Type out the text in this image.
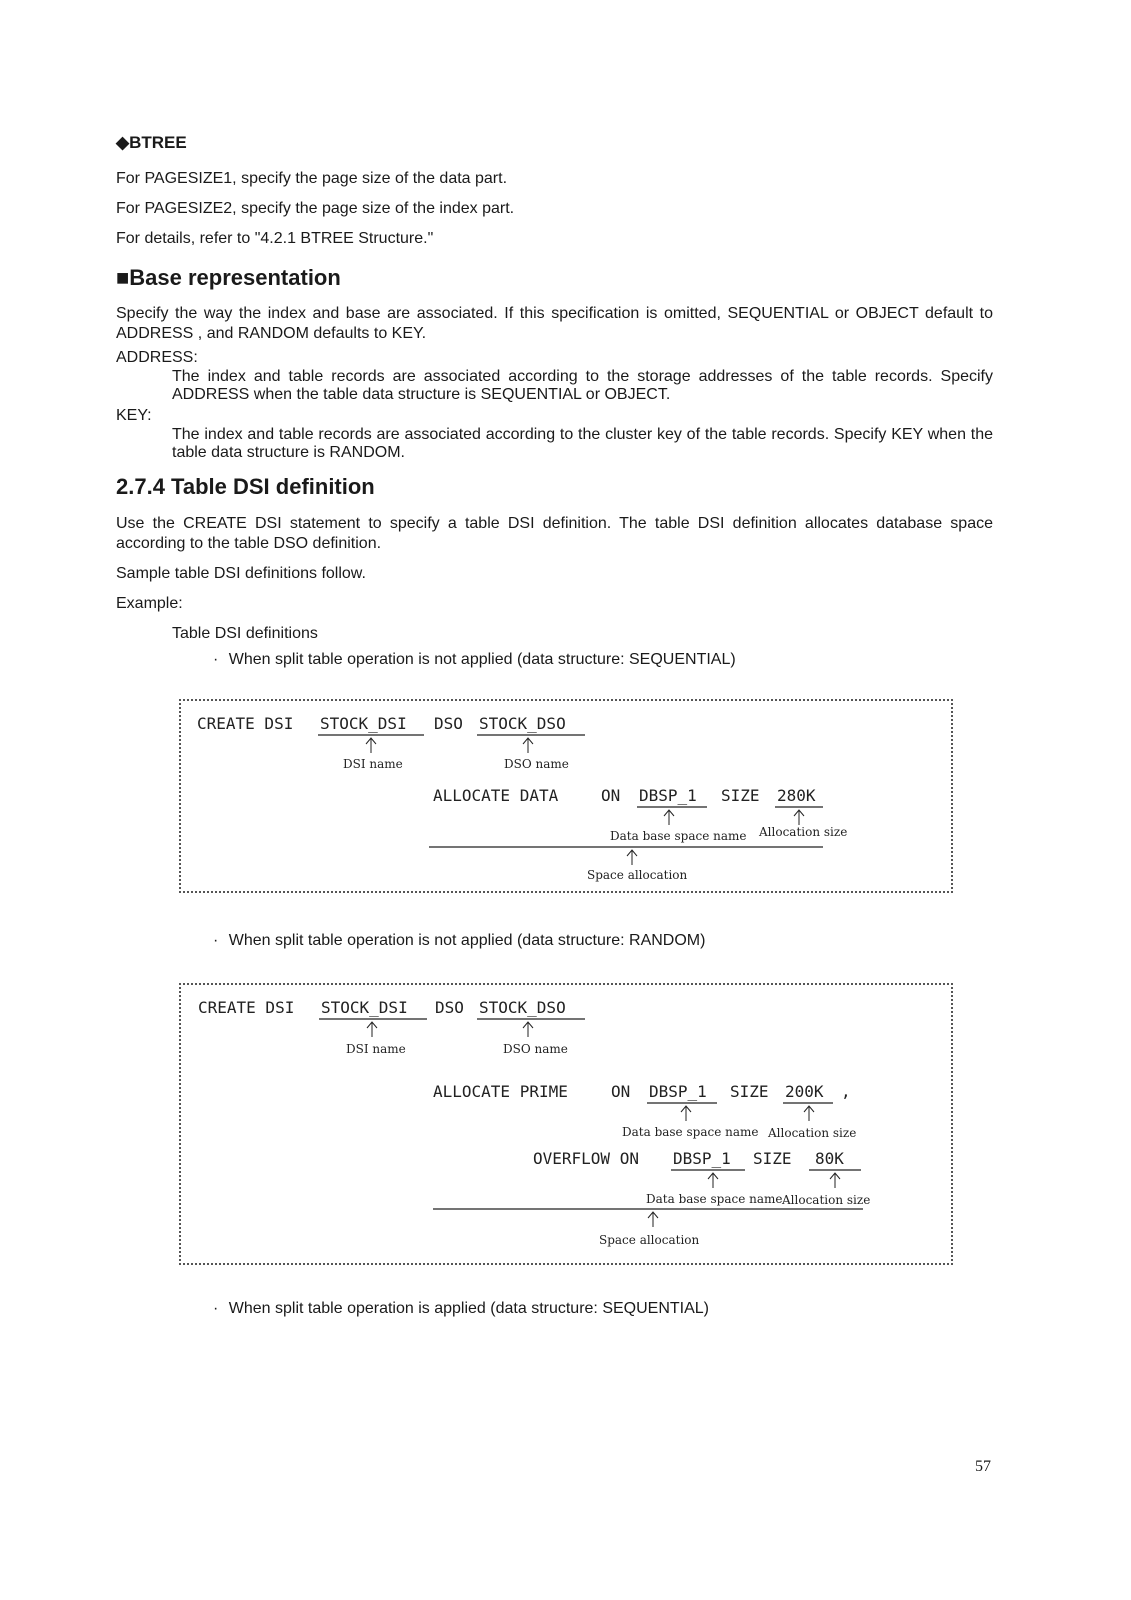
◆BTREE
For PAGESIZE1, specify the page size of the data part.
For PAGESIZE2, specify the page size of the index part.
For details, refer to "4.2.1 BTREE Structure."
■Base representation
Specify the way the index and base are associated. If this specification is omitted, SEQUENTIAL or OBJECT default to ADDRESS , and RANDOM defaults to KEY.
ADDRESS:
The index and table records are associated according to the storage addresses of the table records. Specify ADDRESS when the table data structure is SEQUENTIAL or OBJECT.
KEY:
The index and table records are associated according to the cluster key of the table records. Specify KEY when the table data structure is RANDOM.
2.7.4 Table DSI definition
Use the CREATE DSI statement to specify a table DSI definition. The table DSI definition allocates database space according to the table DSO definition.
Sample table DSI definitions follow.
Example:
Table DSI definitions
· When split table operation is not applied (data structure: SEQUENTIAL)
CREATE DSI STOCK_DSI DSO STOCK_DSO
DSI name	DSO name
ALLOCATE DATA	ON DBSP_1 SIZE 280K
Data base space name Allocation size
Space allocation
· When split table operation is not applied (data structure: RANDOM)
CREATE DSI STOCK_DSI DSO STOCK_DSO
DSI name	DSO name
ALLOCATE PRIME	ON DBSP_1 SIZE 200K ,
Data base space name Allocation size
OVERFLOW ON DBSP_1 SIZE 80K
Data base space name Allocation size
Space allocation
· When split table operation is applied (data structure: SEQUENTIAL)
57
